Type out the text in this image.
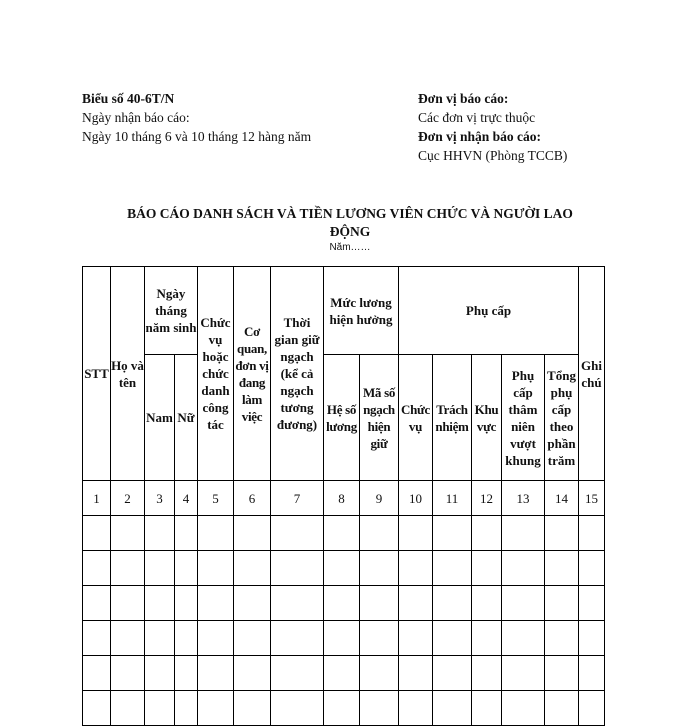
Biểu số 40-6T/N
Ngày nhận báo cáo:
Ngày 10 tháng 6 và 10 tháng 12 hàng năm
Đơn vị báo cáo:
Các đơn vị trực thuộc
Đơn vị nhận báo cáo:
Cục HHVN (Phòng TCCB)
BÁO CÁO DANH SÁCH VÀ TIỀN LƯƠNG VIÊN CHỨC VÀ NGƯỜI LAO
ĐỘNG
Năm……
STT	Họ và tên	Ngày tháng năm sinh		Chức vụ hoặc chức danh công tác	Cơ quan, đơn vị đang làm việc	Thời gian giữ ngạch (kể cả ngạch tương đương)	Mức lương hiện hưởng		Phụ cấp					Ghi chú
		Nam	Nữ				Hệ số lương	Mã số ngạch hiện giữ	Chức vụ	Trách nhiệm	Khu vực	Phụ cấp thâm niên vượt khung	Tổng phụ cấp theo phần trăm	
1	2	3	4	5	6	7	8	9	10	11	12	13	14	15
